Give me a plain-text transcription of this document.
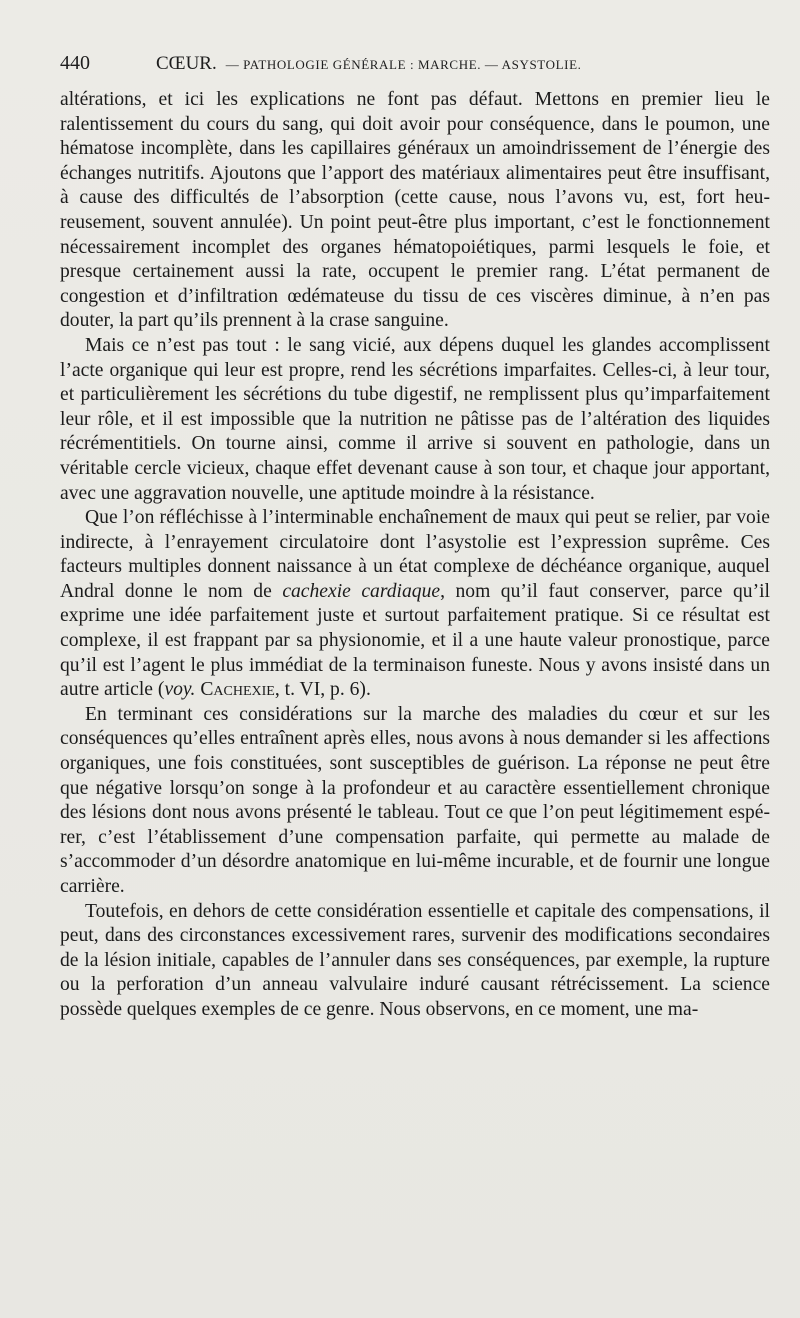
440	CŒUR. — PATHOLOGIE GÉNÉRALE : MARCHE. — ASYSTOLIE.

altérations, et ici les explications ne font pas défaut. Mettons en premier lieu le ralentissement du cours du sang, qui doit avoir pour conséquence, dans le poumon, une hématose incomplète, dans les capillaires généraux un amoindrissement de l’énergie des échanges nutritifs. Ajoutons que l’apport des matériaux alimentaires peut être insuffisant, à cause des difficultés de l’absorption (cette cause, nous l’avons vu, est, fort heureusement, souvent annulée). Un point peut-être plus important, c’est le fonctionnement nécessairement incomplet des organes hématopoiétiques, parmi lesquels le foie, et presque certainement aussi la rate, occupent le premier rang. L’état permanent de congestion et d’infiltration œdémateuse du tissu de ces viscères diminue, à n’en pas douter, la part qu’ils prennent à la crase sanguine.

Mais ce n’est pas tout : le sang vicié, aux dépens duquel les glandes accomplissent l’acte organique qui leur est propre, rend les sécrétions imparfaites. Celles-ci, à leur tour, et particulièrement les sécrétions du tube digestif, ne remplissent plus qu’imparfaitement leur rôle, et il est impossible que la nutrition ne pâtisse pas de l’altération des liquides récrémentitiels. On tourne ainsi, comme il arrive si souvent en pathologie, dans un véritable cercle vicieux, chaque effet devenant cause à son tour, et chaque jour apportant, avec une aggravation nouvelle, une aptitude moindre à la résistance.

Que l’on réfléchisse à l’interminable enchaînement de maux qui peut se relier, par voie indirecte, à l’enrayement circulatoire dont l’asystolie est l’expression suprême. Ces facteurs multiples donnent naissance à un état complexe de déchéance organique, auquel Andral donne le nom de cachexie cardiaque, nom qu’il faut conserver, parce qu’il exprime une idée parfaitement juste et surtout parfaitement pratique. Si ce résultat est complexe, il est frappant par sa physionomie, et il a une haute valeur pronostique, parce qu’il est l’agent le plus immédiat de la terminaison funeste. Nous y avons insisté dans un autre article (voy. Cachexie, t. VI, p. 6).

En terminant ces considérations sur la marche des maladies du cœur et sur les conséquences qu’elles entraînent après elles, nous avons à nous demander si les affections organiques, une fois constituées, sont susceptibles de guérison. La réponse ne peut être que négative lorsqu’on songe à la profondeur et au caractère essentiellement chronique des lésions dont nous avons présenté le tableau. Tout ce que l’on peut légitimement espérer, c’est l’établissement d’une compensation parfaite, qui permette au malade de s’accommoder d’un désordre anatomique en lui-même incurable, et de fournir une longue carrière.

Toutefois, en dehors de cette considération essentielle et capitale des compensations, il peut, dans des circonstances excessivement rares, survenir des modifications secondaires de la lésion initiale, capables de l’annuler dans ses conséquences, par exemple, la rupture ou la perforation d’un anneau valvulaire induré causant rétrécissement. La science possède quelques exemples de ce genre. Nous observons, en ce moment, une ma-
